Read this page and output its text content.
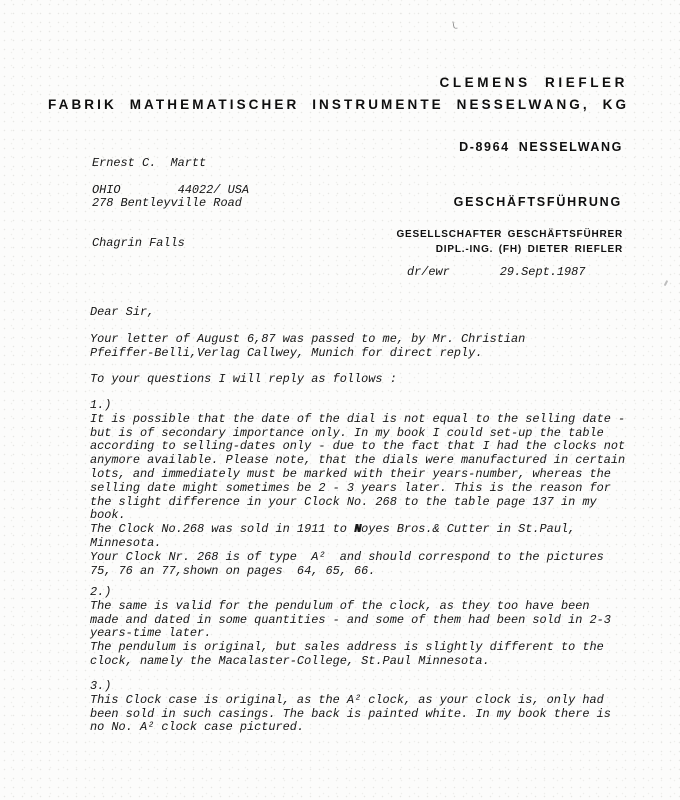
CLEMENS RIEFLER
FABRIK MATHEMATISCHER INSTRUMENTE NESSELWANG, KG
D-8964 NESSELWANG
GESCHÄFTSFÜHRUNG
GESELLSCHAFTER GESCHÄFTSFÜHRER
DIPL.-ING. (FH) DIETER RIEFLER

Ernest C.  Martt

278 Bentleyville Road

Chagrin Falls

OHIO        44022/ USA
dr/ewr       29.Sept.1987
Dear Sir,
Your letter of August 6,87 was passed to me, by Mr. Christian
Pfeiffer-Belli,Verlag Callwey, Munich for direct reply.
To your questions I will reply as follows :
1.)
It is possible that the date of the dial is not equal to the selling date -
but is of secondary importance only. In my book I could set-up the table
according to selling-dates only - due to the fact that I had the clocks not
anymore available. Please note, that the dials were manufactured in certain
lots, and immediately must be marked with their years-number, whereas the
selling date might sometimes be 2 - 3 years later. This is the reason for
the slight difference in your Clock No. 268 to the table page 137 in my
book.
The Clock No.268 was sold in 1911 to Noyes Bros.& Cutter in St.Paul,
Minnesota.
Your Clock Nr. 268 is of type  A²  and should correspond to the pictures
75, 76 an 77,shown on pages  64, 65, 66.
2.)
The same is valid for the pendulum of the clock, as they too have been
made and dated in some quantities - and some of them had been sold in 2-3
years-time later.
The pendulum is original, but sales address is slightly different to the
clock, namely the Macalaster-College, St.Paul Minnesota.
3.)
This Clock case is original, as the A² clock, as your clock is, only had
been sold in such casings. The back is painted white. In my book there is
no No. A² clock case pictured.
